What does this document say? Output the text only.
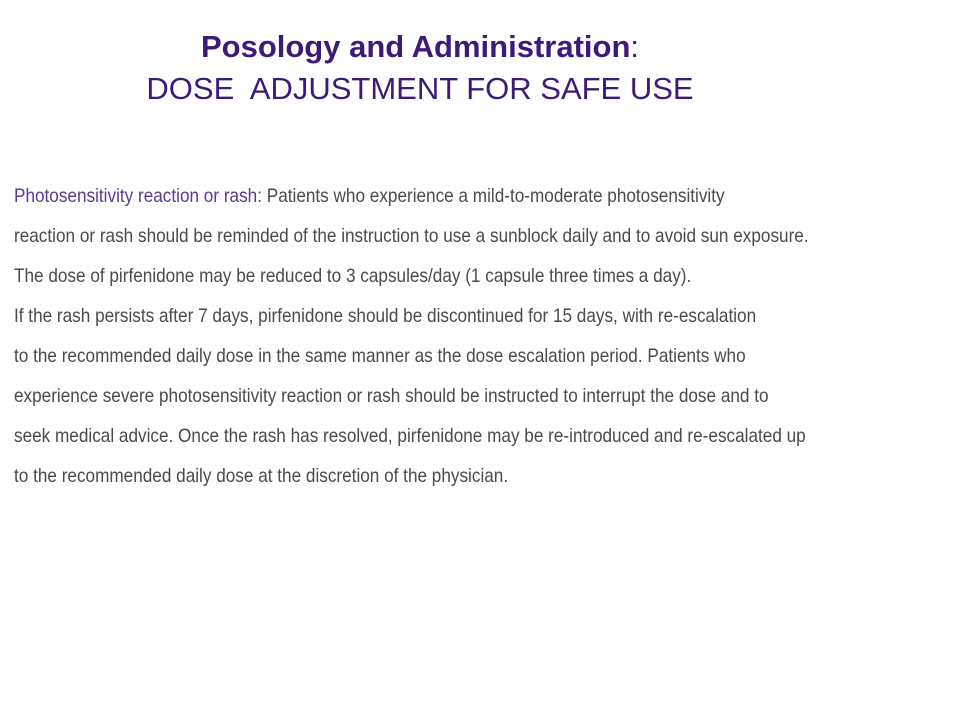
Posology and Administration:
DOSE  ADJUSTMENT FOR SAFE USE
Photosensitivity reaction or rash: Patients who experience a mild-to-moderate photosensitivity
reaction or rash should be reminded of the instruction to use a sunblock daily and to avoid sun exposure.
The dose of pirfenidone may be reduced to 3 capsules/day (1 capsule three times a day).
If the rash persists after 7 days, pirfenidone should be discontinued for 15 days, with re-escalation
to the recommended daily dose in the same manner as the dose escalation period. Patients who
experience severe photosensitivity reaction or rash should be instructed to interrupt the dose and to
seek medical advice. Once the rash has resolved, pirfenidone may be re-introduced and re-escalated up
to the recommended daily dose at the discretion of the physician.
